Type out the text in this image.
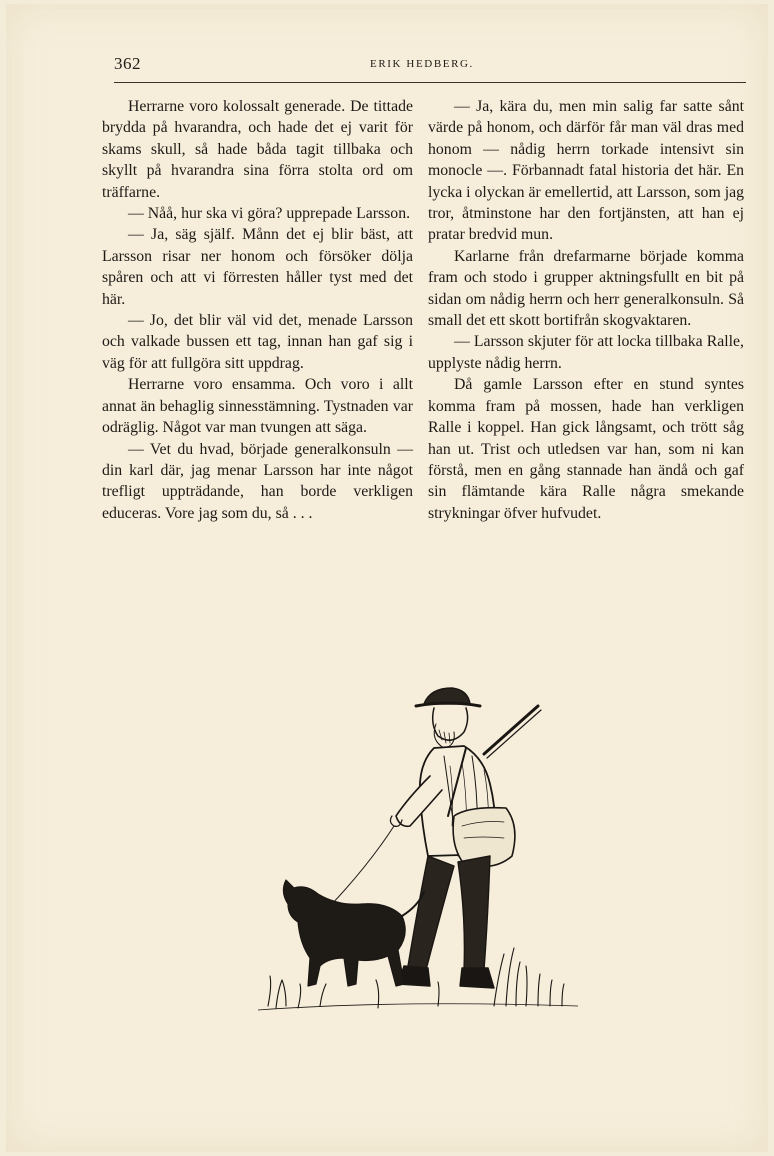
362	ERIK HEDBERG.

Herrarne voro kolossalt generade. De tittade brydda på hvarandra, och hade det ej varit för skams skull, så hade båda tagit tillbaka och skyllt på hvarandra sina förra stolta ord om träffarne.

— Nåå, hur ska vi göra? upprepade Larsson.

— Ja, säg själf. Månn det ej blir bäst, att Larsson risar ner honom och försöker dölja spåren och att vi förresten håller tyst med det här.

— Jo, det blir väl vid det, menade Larsson och valkade bussen ett tag, innan han gaf sig i väg för att fullgöra sitt uppdrag.

Herrarne voro ensamma. Och voro i allt annat än behaglig sinnesstämning. Tystnaden var odräglig. Något var man tvungen att säga.

— Vet du hvad, började generalkonsuln — din karl där, jag menar Larsson har inte något trefligt uppträdande, han borde verkligen educeras. Vore jag som du, så . . .

— Ja, kära du, men min salig far satte sånt värde på honom, och därför får man väl dras med honom — nådig herrn torkade intensivt sin monocle —. Förbannadt fatal historia det här. En lycka i olyckan är emellertid, att Larsson, som jag tror, åtminstone har den fortjänsten, att han ej pratar bredvid mun.

Karlarne från drefarmarne började komma fram och stodo i grupper aktningsfullt en bit på sidan om nådig herrn och herr generalkonsuln. Så small det ett skott bortifrån skogvaktaren.

— Larsson skjuter för att locka tillbaka Ralle, upplyste nådig herrn.

Då gamle Larsson efter en stund syntes komma fram på mossen, hade han verkligen Ralle i koppel. Han gick långsamt, och trött såg han ut. Trist och utledsen var han, som ni kan förstå, men en gång stannade han ändå och gaf sin flämtande kära Ralle några smekande strykningar öfver hufvudet.
